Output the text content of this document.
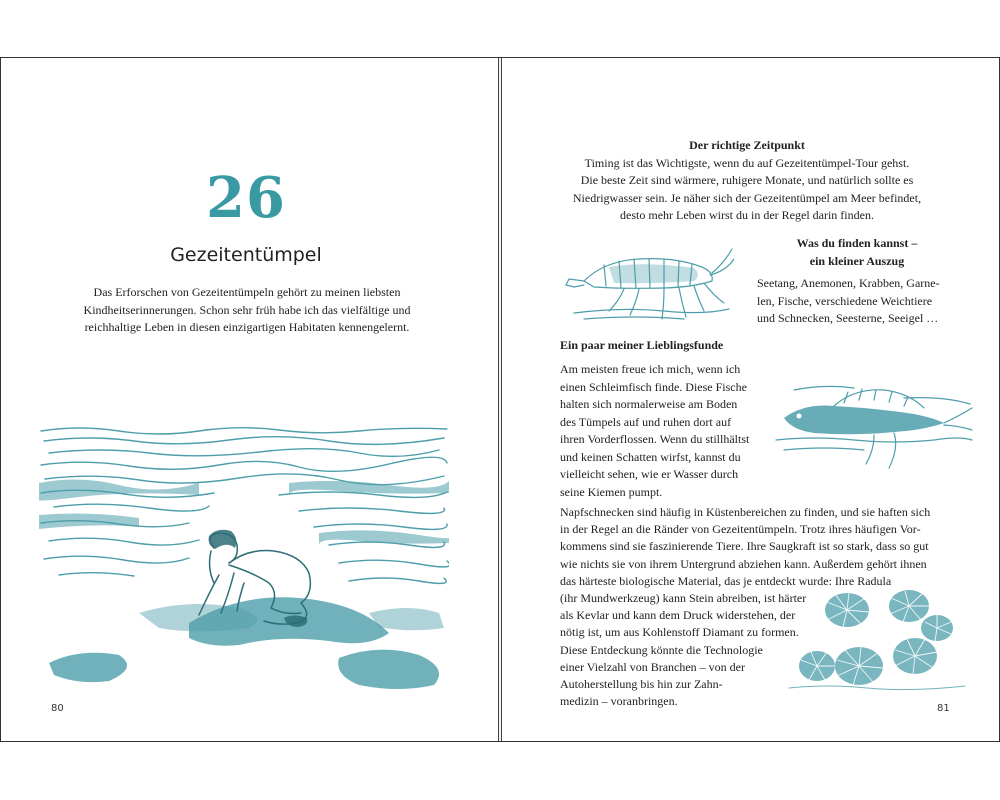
26
Gezeitentümpel
Das Erforschen von Gezeitentümpeln gehört zu meinen liebsten Kindheitserinnerungen. Schon sehr früh habe ich das vielfältige und reichhaltige Leben in diesen einzigartigen Habitaten kennengelernt.
80
Der richtige Zeitpunkt
Timing ist das Wichtigste, wenn du auf Gezeitentümpel-Tour gehst.
Die beste Zeit sind wärmere, ruhigere Monate, und natürlich sollte es
Niedrigwasser sein. Je näher sich der Gezeitentümpel am Meer befindet,
desto mehr Leben wirst du in der Regel darin finden.
Was du finden kannst –
ein kleiner Auszug
Seetang, Anemonen, Krabben, Garne-
len, Fische, verschiedene Weichtiere
und Schnecken, Seesterne, Seeigel …
Ein paar meiner Lieblingsfunde
Am meisten freue ich mich, wenn ich
einen Schleimfisch finde. Diese Fische
halten sich normalerweise am Boden
des Tümpels auf und ruhen dort auf
ihren Vorderflossen. Wenn du stillhältst
und keinen Schatten wirfst, kannst du
vielleicht sehen, wie er Wasser durch
seine Kiemen pumpt.
Napfschnecken sind häufig in Küstenbereichen zu finden, und sie haften sich
in der Regel an die Ränder von Gezeitentümpeln. Trotz ihres häufigen Vor-
kommens sind sie faszinierende Tiere. Ihre Saugkraft ist so stark, dass so gut
wie nichts sie von ihrem Untergrund abziehen kann. Außerdem gehört ihnen
das härteste biologische Material, das je entdeckt wurde: Ihre Radula
(ihr Mundwerkzeug) kann Stein abreiben, ist härter
als Kevlar und kann dem Druck widerstehen, der
nötig ist, um aus Kohlenstoff Diamant zu formen.
Diese Entdeckung könnte die Technologie
einer Vielzahl von Branchen – von der
Autoherstellung bis hin zur Zahn-
medizin – voranbringen.
81
